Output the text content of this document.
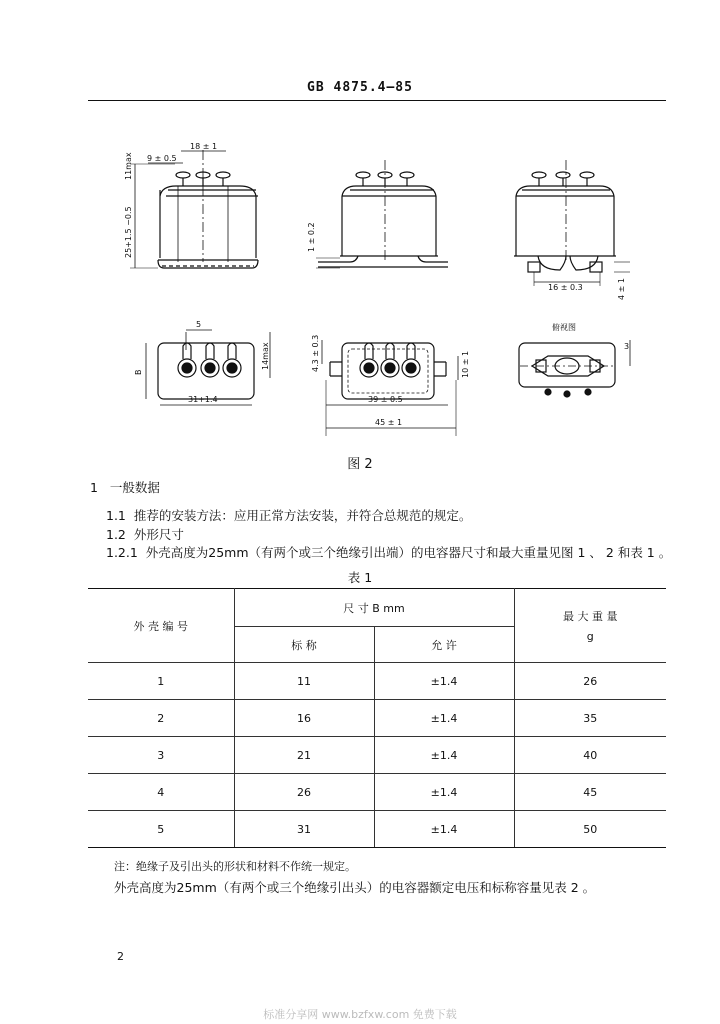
GB 4875.4—85
18 ± 1
9 ± 0.5
11max
25+1.5 −0.5	1 ± 0.2
16 ± 0.3	4 ± 1
5
B
14max
31+1.4
4.3 ± 0.3	10 ± 1
39 ± 0.5
45 ± 1
俯视图
3
图 2
1 一般数据
1.1 推荐的安装方法：应用正常方法安装，并符合总规范的规定。
1.2 外形尺寸
1.2.1 外壳高度为25mm（有两个或三个绝缘引出端）的电容器尺寸和最大重量见图 1 、 2 和表 1 。
表 1
外 壳 编 号	尺 寸 B mm		最 大 重 量
g

	标 称	允 许	
1	11	±1.4	26
2	16	±1.4	35
3	21	±1.4	40
4	26	±1.4	45
5	31	±1.4	50
注：绝缘子及引出头的形状和材料不作统一规定。
外壳高度为25mm（有两个或三个绝缘引出头）的电容器额定电压和标称容量见表 2 。
2
标准分享网 www.bzfxw.com 免费下载
